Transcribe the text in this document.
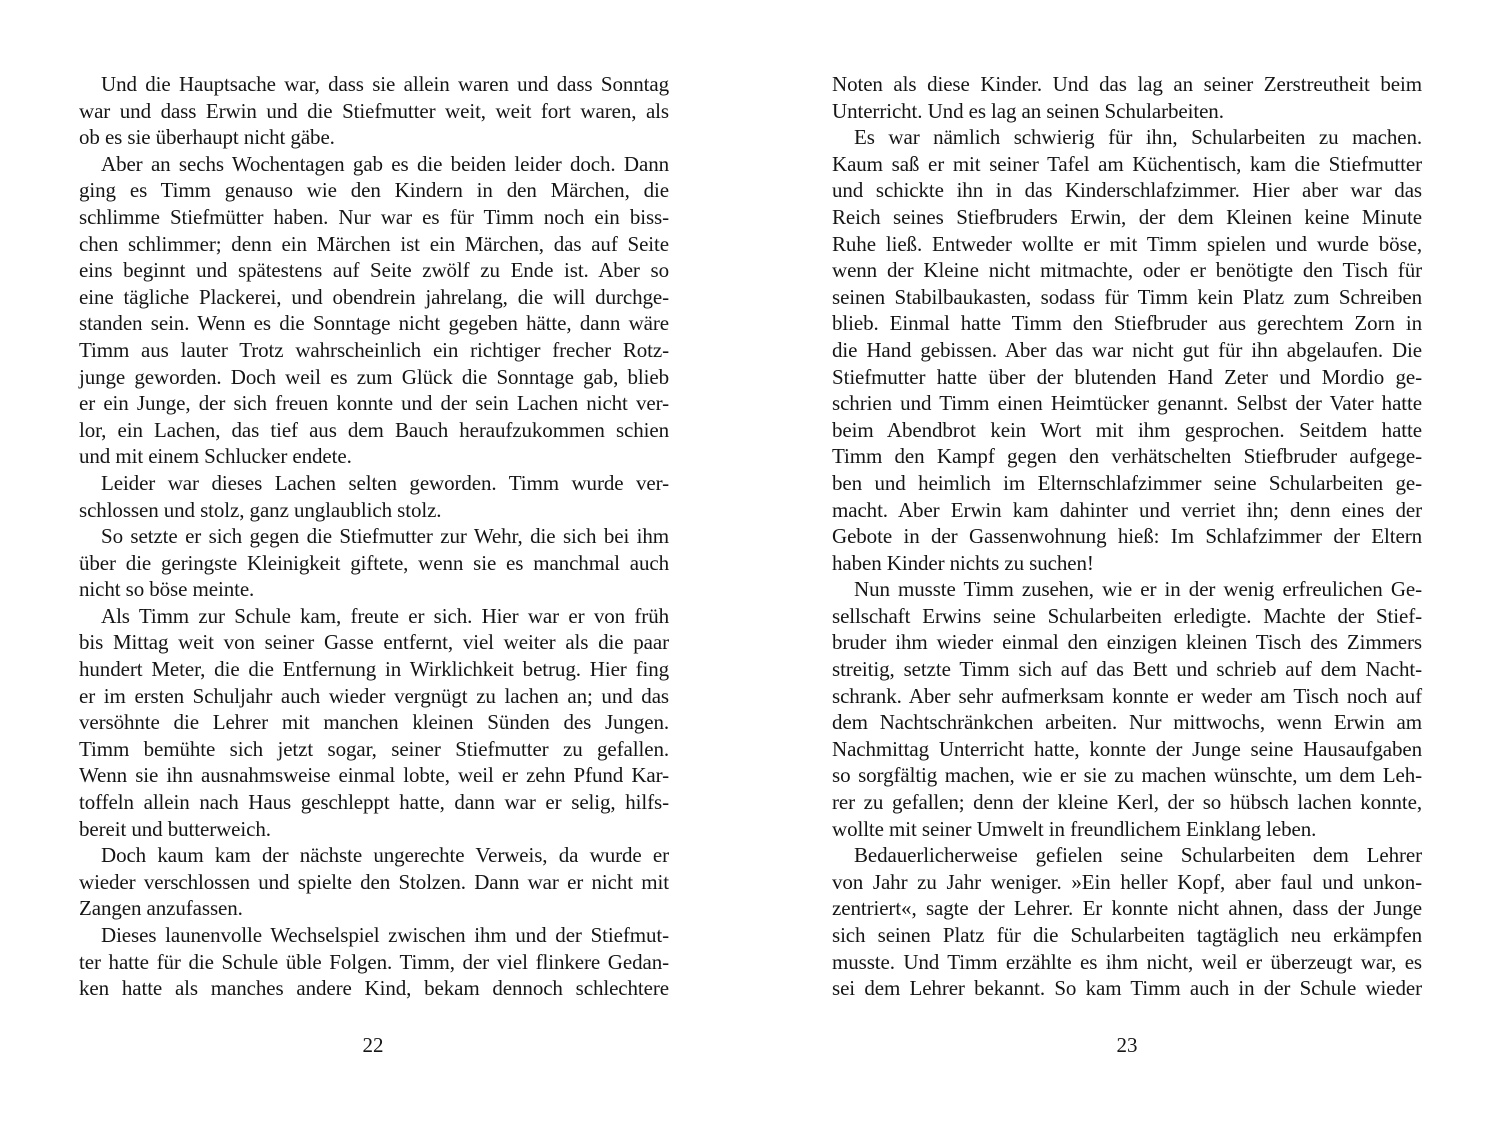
Und die Hauptsache war, dass sie allein waren und dass Sonntag
war und dass Erwin und die Stiefmutter weit, weit fort waren, als
ob es sie überhaupt nicht gäbe.
Aber an sechs Wochentagen gab es die beiden leider doch. Dann
ging es Timm genauso wie den Kindern in den Märchen, die
schlimme Stiefmütter haben. Nur war es für Timm noch ein biss-
chen schlimmer; denn ein Märchen ist ein Märchen, das auf Seite
eins beginnt und spätestens auf Seite zwölf zu Ende ist. Aber so
eine tägliche Plackerei, und obendrein jahrelang, die will durchge-
standen sein. Wenn es die Sonntage nicht gegeben hätte, dann wäre
Timm aus lauter Trotz wahrscheinlich ein richtiger frecher Rotz-
junge geworden. Doch weil es zum Glück die Sonntage gab, blieb
er ein Junge, der sich freuen konnte und der sein Lachen nicht ver-
lor, ein Lachen, das tief aus dem Bauch heraufzukommen schien
und mit einem Schlucker endete.
Leider war dieses Lachen selten geworden. Timm wurde ver-
schlossen und stolz, ganz unglaublich stolz.
So setzte er sich gegen die Stiefmutter zur Wehr, die sich bei ihm
über die geringste Kleinigkeit giftete, wenn sie es manchmal auch
nicht so böse meinte.
Als Timm zur Schule kam, freute er sich. Hier war er von früh
bis Mittag weit von seiner Gasse entfernt, viel weiter als die paar
hundert Meter, die die Entfernung in Wirklichkeit betrug. Hier fing
er im ersten Schuljahr auch wieder vergnügt zu lachen an; und das
versöhnte die Lehrer mit manchen kleinen Sünden des Jungen.
Timm bemühte sich jetzt sogar, seiner Stiefmutter zu gefallen.
Wenn sie ihn ausnahmsweise einmal lobte, weil er zehn Pfund Kar-
toffeln allein nach Haus geschleppt hatte, dann war er selig, hilfs-
bereit und butterweich.
Doch kaum kam der nächste ungerechte Verweis, da wurde er
wieder verschlossen und spielte den Stolzen. Dann war er nicht mit
Zangen anzufassen.
Dieses launenvolle Wechselspiel zwischen ihm und der Stiefmut-
ter hatte für die Schule üble Folgen. Timm, der viel flinkere Gedan-
ken hatte als manches andere Kind, bekam dennoch schlechtere
22
Noten als diese Kinder. Und das lag an seiner Zerstreutheit beim
Unterricht. Und es lag an seinen Schularbeiten.
Es war nämlich schwierig für ihn, Schularbeiten zu machen.
Kaum saß er mit seiner Tafel am Küchentisch, kam die Stiefmutter
und schickte ihn in das Kinderschlafzimmer. Hier aber war das
Reich seines Stiefbruders Erwin, der dem Kleinen keine Minute
Ruhe ließ. Entweder wollte er mit Timm spielen und wurde böse,
wenn der Kleine nicht mitmachte, oder er benötigte den Tisch für
seinen Stabilbaukasten, sodass für Timm kein Platz zum Schreiben
blieb. Einmal hatte Timm den Stiefbruder aus gerechtem Zorn in
die Hand gebissen. Aber das war nicht gut für ihn abgelaufen. Die
Stiefmutter hatte über der blutenden Hand Zeter und Mordio ge-
schrien und Timm einen Heimtücker genannt. Selbst der Vater hatte
beim Abendbrot kein Wort mit ihm gesprochen. Seitdem hatte
Timm den Kampf gegen den verhätschelten Stiefbruder aufgege-
ben und heimlich im Elternschlafzimmer seine Schularbeiten ge-
macht. Aber Erwin kam dahinter und verriet ihn; denn eines der
Gebote in der Gassenwohnung hieß: Im Schlafzimmer der Eltern
haben Kinder nichts zu suchen!
Nun musste Timm zusehen, wie er in der wenig erfreulichen Ge-
sellschaft Erwins seine Schularbeiten erledigte. Machte der Stief-
bruder ihm wieder einmal den einzigen kleinen Tisch des Zimmers
streitig, setzte Timm sich auf das Bett und schrieb auf dem Nacht-
schrank. Aber sehr aufmerksam konnte er weder am Tisch noch auf
dem Nachtschränkchen arbeiten. Nur mittwochs, wenn Erwin am
Nachmittag Unterricht hatte, konnte der Junge seine Hausaufgaben
so sorgfältig machen, wie er sie zu machen wünschte, um dem Leh-
rer zu gefallen; denn der kleine Kerl, der so hübsch lachen konnte,
wollte mit seiner Umwelt in freundlichem Einklang leben.
Bedauerlicherweise gefielen seine Schularbeiten dem Lehrer
von Jahr zu Jahr weniger. »Ein heller Kopf, aber faul und unkon-
zentriert«, sagte der Lehrer. Er konnte nicht ahnen, dass der Junge
sich seinen Platz für die Schularbeiten tagtäglich neu erkämpfen
musste. Und Timm erzählte es ihm nicht, weil er überzeugt war, es
sei dem Lehrer bekannt. So kam Timm auch in der Schule wieder
23
